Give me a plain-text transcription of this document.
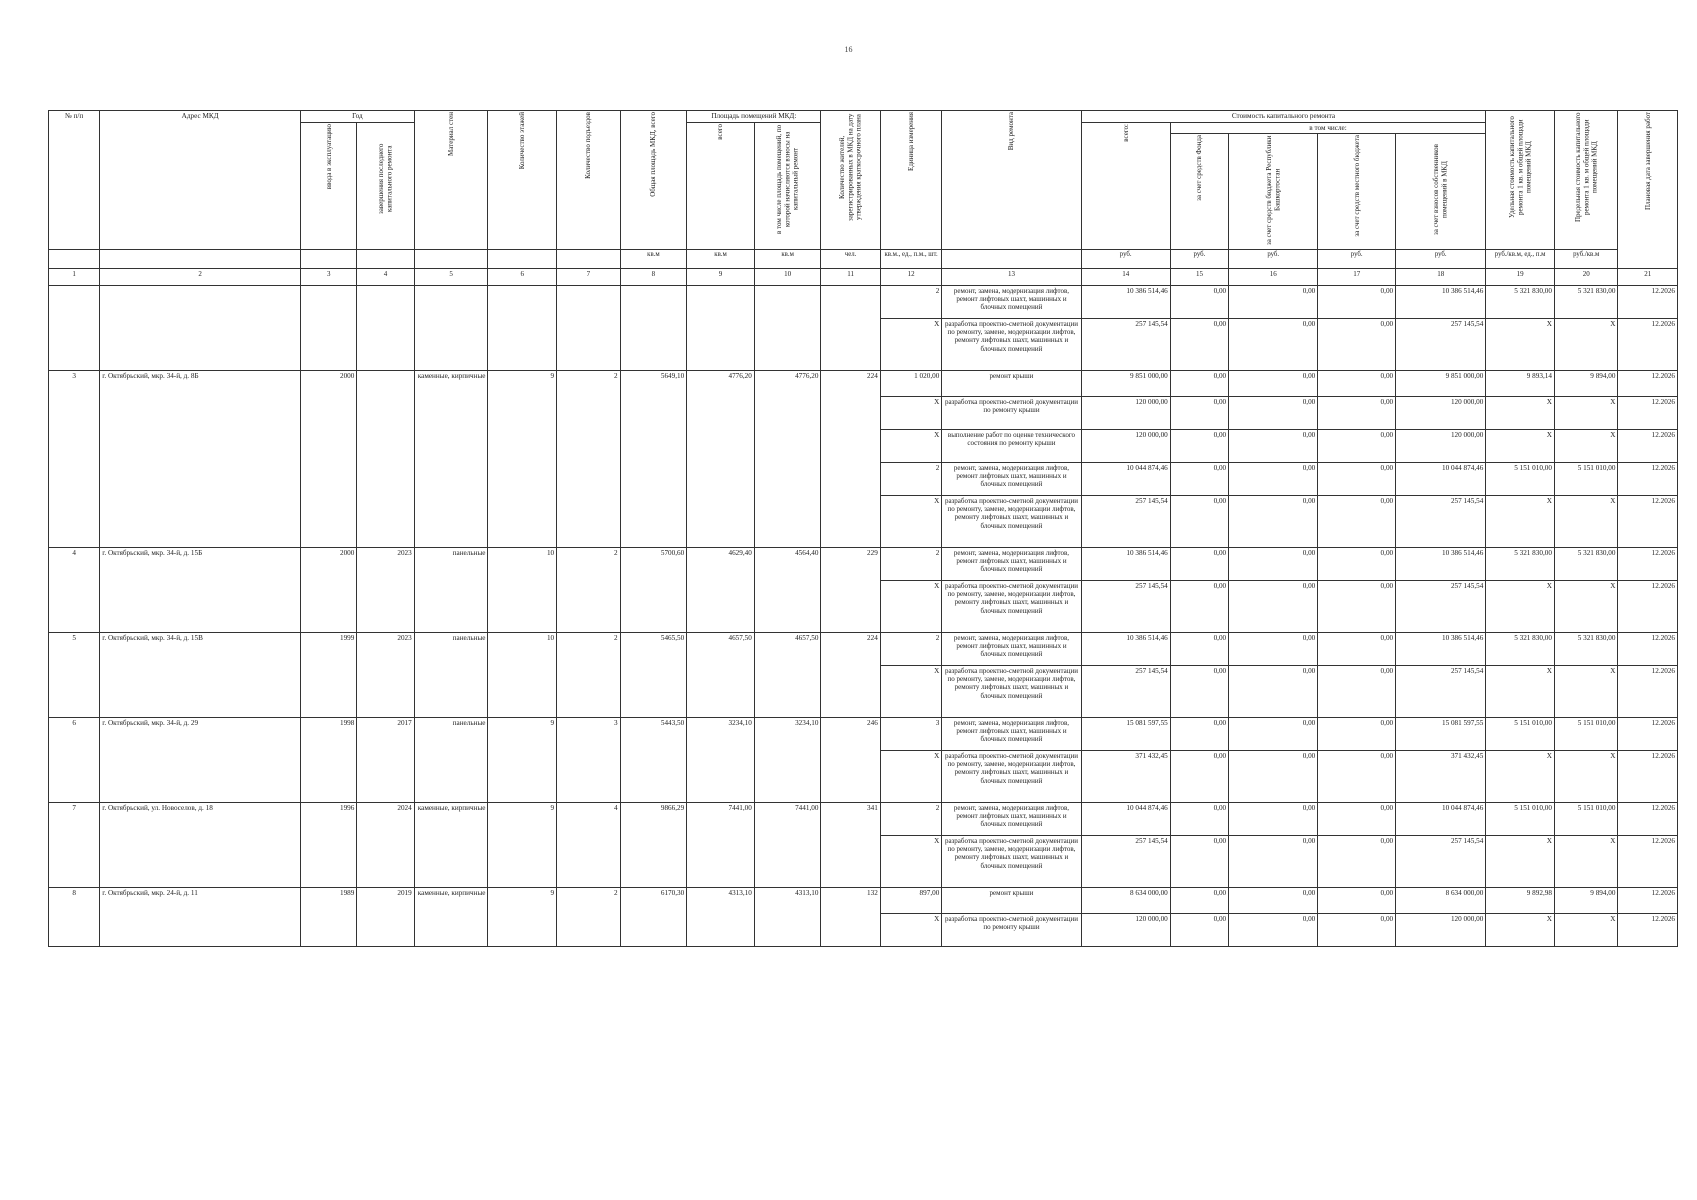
16
№ п/п	Адрес МКД	Год		Материал стен	Количество этажей	Количество подъездов	Общая площадь МКД, всего	Площадь помещений МКД:		Количество жителей, зарегистрированных в МКД на дату утверждения краткосрочного плана	Единица измерения	Вид ремонта	Стоимость капитального ремонта					Удельная стоимость капитального ремонта 1 кв. м общей площади помещений МКД	Предельная стоимость капитального ремонта 1 кв. м общей площади помещений МКД	Плановая дата завершения работ
		ввода в эксплуатацию	завершения последнего капитального ремонта					всего	в том числе площадь помещений, по которой начисляются взносы на капитальный ремонт				всего:	в том числе:						
														за счет средств Фонда	за счет средств бюджета Республики Башкортостан	за счет средств местного бюджета	за счет взносов собственников помещений в МКД			
							кв.м	кв.м	кв.м	чел.	кв.м., ед., п.м., шт.		руб.	руб.	руб.	руб.	руб.	руб./кв.м, ед., п.м	руб./кв.м	
1	2	3	4	5	6	7	8	9	10	11	12	13	14	15	16	17	18	19	20	21
											2	ремонт, замена, модернизация лифтов, ремонт лифтовых шахт, машинных и блочных помещений	10 386 514,46	0,00	0,00	0,00	10 386 514,46	5 321 830,00	5 321 830,00	12.2026
											X	разработка проектно-сметной документации по ремонту, замене, модернизации лифтов, ремонту лифтовых шахт, машинных и блочных помещений	257 145,54	0,00	0,00	0,00	257 145,54	X	X	12.2026
3	г. Октябрьский, мкр. 34-й, д. 8Б	2000		каменные, кирпичные	9	2	5649,10	4776,20	4776,20	224	1 020,00	ремонт крыши	9 851 000,00	0,00	0,00	0,00	9 851 000,00	9 893,14	9 894,00	12.2026
											X	разработка проектно-сметной документации по ремонту крыши	120 000,00	0,00	0,00	0,00	120 000,00	X	X	12.2026
											X	выполнение работ по оценке технического состояния по ремонту крыши	120 000,00	0,00	0,00	0,00	120 000,00	X	X	12.2026
											2	ремонт, замена, модернизация лифтов, ремонт лифтовых шахт, машинных и блочных помещений	10 044 874,46	0,00	0,00	0,00	10 044 874,46	5 151 010,00	5 151 010,00	12.2026
											X	разработка проектно-сметной документации по ремонту, замене, модернизации лифтов, ремонту лифтовых шахт, машинных и блочных помещений	257 145,54	0,00	0,00	0,00	257 145,54	X	X	12.2026
4	г. Октябрьский, мкр. 34-й, д. 15Б	2000	2023	панельные	10	2	5700,60	4629,40	4564,40	229	2	ремонт, замена, модернизация лифтов, ремонт лифтовых шахт, машинных и блочных помещений	10 386 514,46	0,00	0,00	0,00	10 386 514,46	5 321 830,00	5 321 830,00	12.2026
											X	разработка проектно-сметной документации по ремонту, замене, модернизации лифтов, ремонту лифтовых шахт, машинных и блочных помещений	257 145,54	0,00	0,00	0,00	257 145,54	X	X	12.2026
5	г. Октябрьский, мкр. 34-й, д. 15В	1999	2023	панельные	10	2	5465,50	4657,50	4657,50	224	2	ремонт, замена, модернизация лифтов, ремонт лифтовых шахт, машинных и блочных помещений	10 386 514,46	0,00	0,00	0,00	10 386 514,46	5 321 830,00	5 321 830,00	12.2026
											X	разработка проектно-сметной документации по ремонту, замене, модернизации лифтов, ремонту лифтовых шахт, машинных и блочных помещений	257 145,54	0,00	0,00	0,00	257 145,54	X	X	12.2026
6	г. Октябрьский, мкр. 34-й, д. 29	1998	2017	панельные	9	3	5443,50	3234,10	3234,10	246	3	ремонт, замена, модернизация лифтов, ремонт лифтовых шахт, машинных и блочных помещений	15 081 597,55	0,00	0,00	0,00	15 081 597,55	5 151 010,00	5 151 010,00	12.2026
											X	разработка проектно-сметной документации по ремонту, замене, модернизации лифтов, ремонту лифтовых шахт, машинных и блочных помещений	371 432,45	0,00	0,00	0,00	371 432,45	X	X	12.2026
7	г. Октябрьский, ул. Новоселов, д. 18	1996	2024	каменные, кирпичные	9	4	9866,29	7441,00	7441,00	341	2	ремонт, замена, модернизация лифтов, ремонт лифтовых шахт, машинных и блочных помещений	10 044 874,46	0,00	0,00	0,00	10 044 874,46	5 151 010,00	5 151 010,00	12.2026
											X	разработка проектно-сметной документации по ремонту, замене, модернизации лифтов, ремонту лифтовых шахт, машинных и блочных помещений	257 145,54	0,00	0,00	0,00	257 145,54	X	X	12.2026
8	г. Октябрьский, мкр. 24-й, д. 11	1989	2019	каменные, кирпичные	9	2	6170,30	4313,10	4313,10	132	897,00	ремонт крыши	8 634 000,00	0,00	0,00	0,00	8 634 000,00	9 892,98	9 894,00	12.2026
											X	разработка проектно-сметной документации по ремонту крыши	120 000,00	0,00	0,00	0,00	120 000,00	X	X	12.2026
